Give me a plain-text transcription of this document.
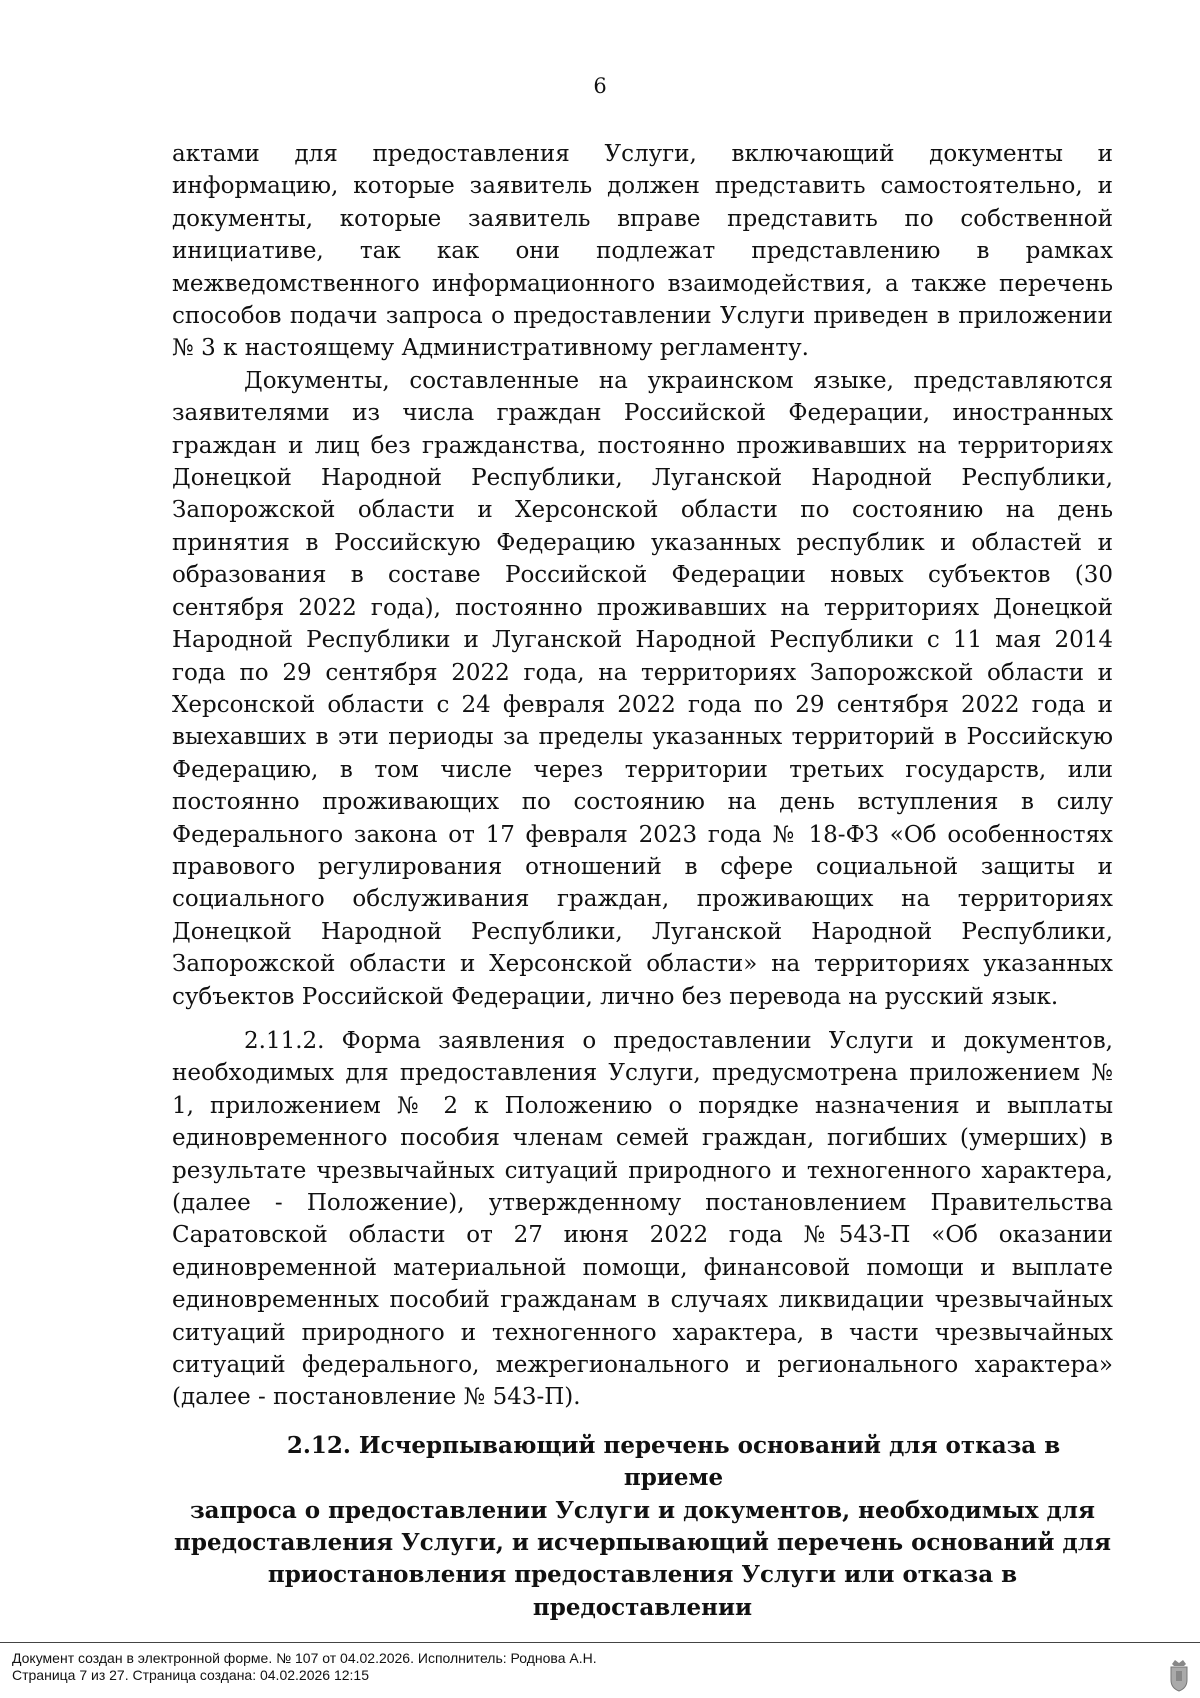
6

актами для предоставления Услуги, включающий документы и информацию, которые заявитель должен представить самостоятельно, и документы, которые заявитель вправе представить по собственной инициативе, так как они подлежат представлению в рамках межведомственного информационного взаимодействия, а также перечень способов подачи запроса о предоставлении Услуги приведен в приложении № 3 к настоящему Административному регламенту.

Документы, составленные на украинском языке, представляются заявителями из числа граждан Российской Федерации, иностранных граждан и лиц без гражданства, постоянно проживавших на территориях Донецкой Народной Республики, Луганской Народной Республики, Запорожской области и Херсонской области по состоянию на день принятия в Российскую Федерацию указанных республик и областей и образования в составе Российской Федерации новых субъектов (30 сентября 2022 года), постоянно проживавших на территориях Донецкой Народной Республики и Луганской Народной Республики с 11 мая 2014 года по 29 сентября 2022 года, на территориях Запорожской области и Херсонской области с 24 февраля 2022 года по 29 сентября 2022 года и выехавших в эти периоды за пределы указанных территорий в Российскую Федерацию, в том числе через территории третьих государств, или постоянно проживающих по состоянию на день вступления в силу Федерального закона от 17 февраля 2023 года № 18-ФЗ «Об особенностях правового регулирования отношений в сфере социальной защиты и социального обслуживания граждан, проживающих на территориях Донецкой Народной Республики, Луганской Народной Республики, Запорожской области и Херсонской области» на территориях указанных субъектов Российской Федерации, лично без перевода на русский язык.

2.11.2. Форма заявления о предоставлении Услуги и документов, необходимых для предоставления Услуги, предусмотрена приложением № 1, приложением № 2 к Положению о порядке назначения и выплаты единовременного пособия членам семей граждан, погибших (умерших) в результате чрезвычайных ситуаций природного и техногенного характера, (далее - Положение), утвержденному постановлением Правительства Саратовской области от 27 июня 2022 года №543-П «Об оказании единовременной материальной помощи, финансовой помощи и выплате единовременных пособий гражданам в случаях ликвидации чрезвычайных ситуаций природного и техногенного характера, в части чрезвычайных ситуаций федерального, межрегионального и регионального характера» (далее - постановление № 543-П).

2.12. Исчерпывающий перечень оснований для отказа в приеме
запроса о предоставлении Услуги и документов, необходимых для
предоставления Услуги, и исчерпывающий перечень оснований для
приостановления предоставления Услуги или отказа в предоставлении
Документ создан в электронной форме. № 107 от 04.02.2026. Исполнитель: Роднова А.Н.
Страница 7 из 27. Страница создана: 04.02.2026 12:15
